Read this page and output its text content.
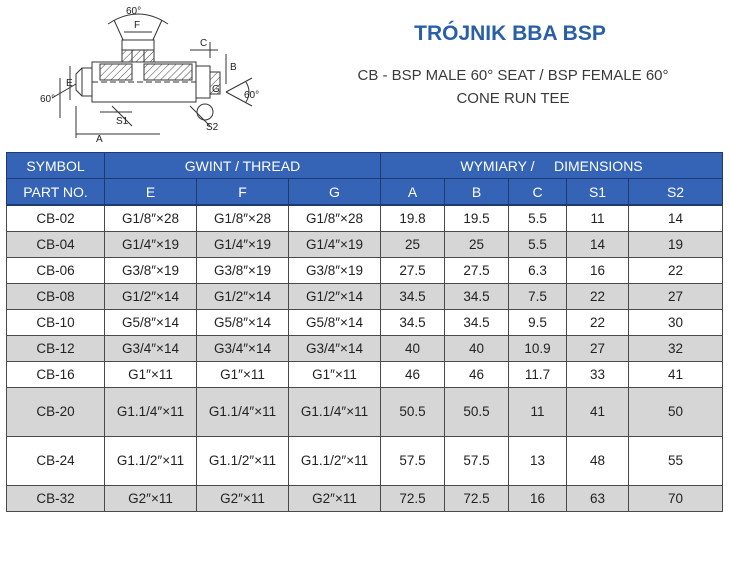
60°
F
C
B
60°
E
60°
G
S1
S2
A
TRÓJNIK BBA BSP
CB - BSP MALE 60° SEAT / BSP FEMALE 60°
CONE RUN TEE
SYMBOL	GWINT / THREAD			WYMIARY /     DIMENSIONS				
PART NO.	E	F	G	A	B	C	S1	S2
CB-02	G1/8″×28	G1/8″×28	G1/8″×28	19.8	19.5	5.5	11	14
CB-04	G1/4″×19	G1/4″×19	G1/4″×19	25	25	5.5	14	19
CB-06	G3/8″×19	G3/8″×19	G3/8″×19	27.5	27.5	6.3	16	22
CB-08	G1/2″×14	G1/2″×14	G1/2″×14	34.5	34.5	7.5	22	27
CB-10	G5/8″×14	G5/8″×14	G5/8″×14	34.5	34.5	9.5	22	30
CB-12	G3/4″×14	G3/4″×14	G3/4″×14	40	40	10.9	27	32
CB-16	G1″×11	G1″×11	G1″×11	46	46	11.7	33	41
CB-20	G1.1/4″×11	G1.1/4″×11	G1.1/4″×11	50.5	50.5	11	41	50
CB-24	G1.1/2″×11	G1.1/2″×11	G1.1/2″×11	57.5	57.5	13	48	55
CB-32	G2″×11	G2″×11	G2″×11	72.5	72.5	16	63	70
